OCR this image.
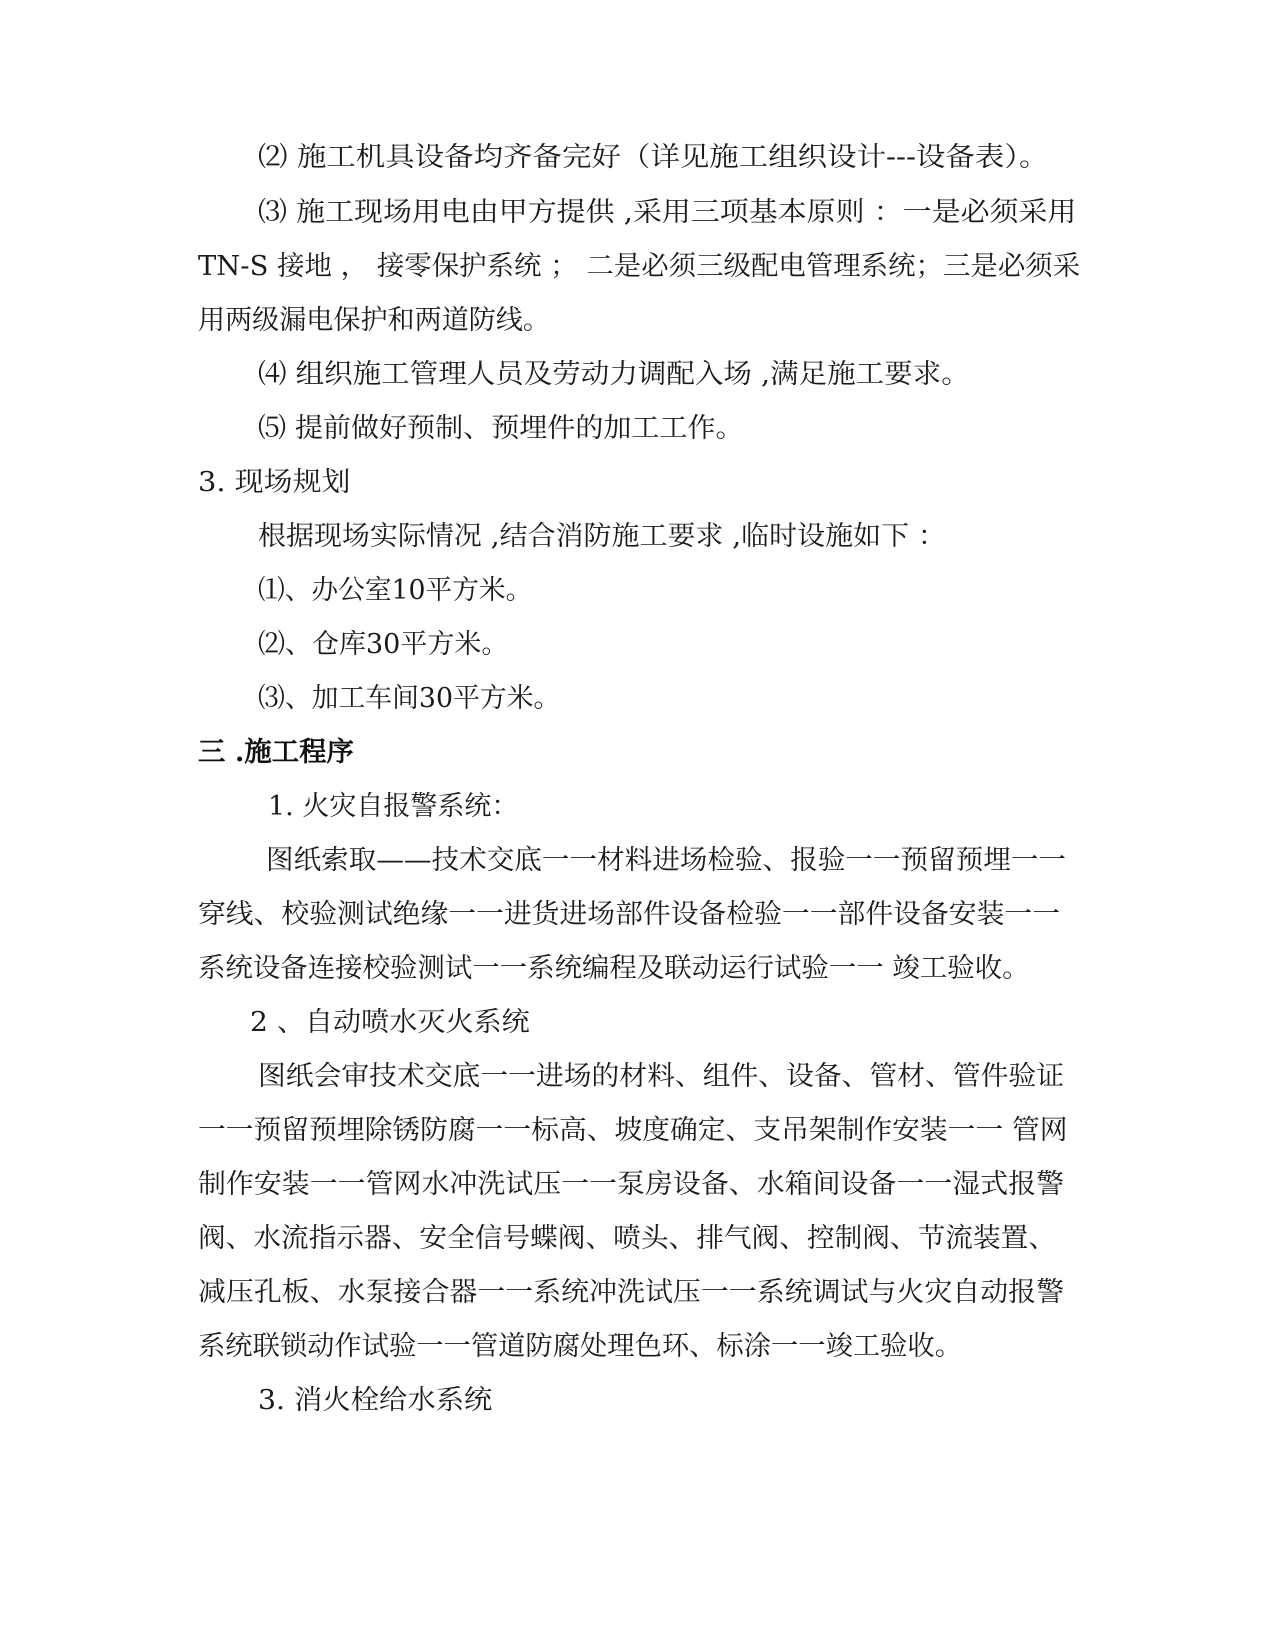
⑵ 施工机具设备均齐备完好（详见施工组织设计---设备表）。
⑶ 施工现场用电由甲方提供 ,采用三项基本原则 ：一是必须采用
TN-S 接地 ， 接零保护系统 ； 二是必须三级配电管理系统；三是必须采
用两级漏电保护和两道防线。
⑷ 组织施工管理人员及劳动力调配入场 ,满足施工要求。
⑸ 提前做好预制、预埋件的加工工作。
3. 现场规划
根据现场实际情况 ,结合消防施工要求 ,临时设施如下 ：
⑴、办公室10平方米。
⑵、仓库30平方米。
⑶、加工车间30平方米。
三 .施工程序
1. 火灾自报警系统：
图纸索取——技术交底一一材料进场检验、报验一一预留预埋一一
穿线、校验测试绝缘一一进货进场部件设备检验一一部件设备安装一一
系统设备连接校验测试一一系统编程及联动运行试验一一 竣工验收。
2 、自动喷水灭火系统
图纸会审技术交底一一进场的材料、组件、设备、管材、管件验证
一一预留预埋除锈防腐一一标高、坡度确定、支吊架制作安装一一 管网
制作安装一一管网水冲洗试压一一泵房设备、水箱间设备一一湿式报警
阀、水流指示器、安全信号蝶阀、喷头、排气阀、控制阀、节流装置、
减压孔板、水泵接合器一一系统冲洗试压一一系统调试与火灾自动报警
系统联锁动作试验一一管道防腐处理色环、标涂一一竣工验收。
3. 消火栓给水系统
